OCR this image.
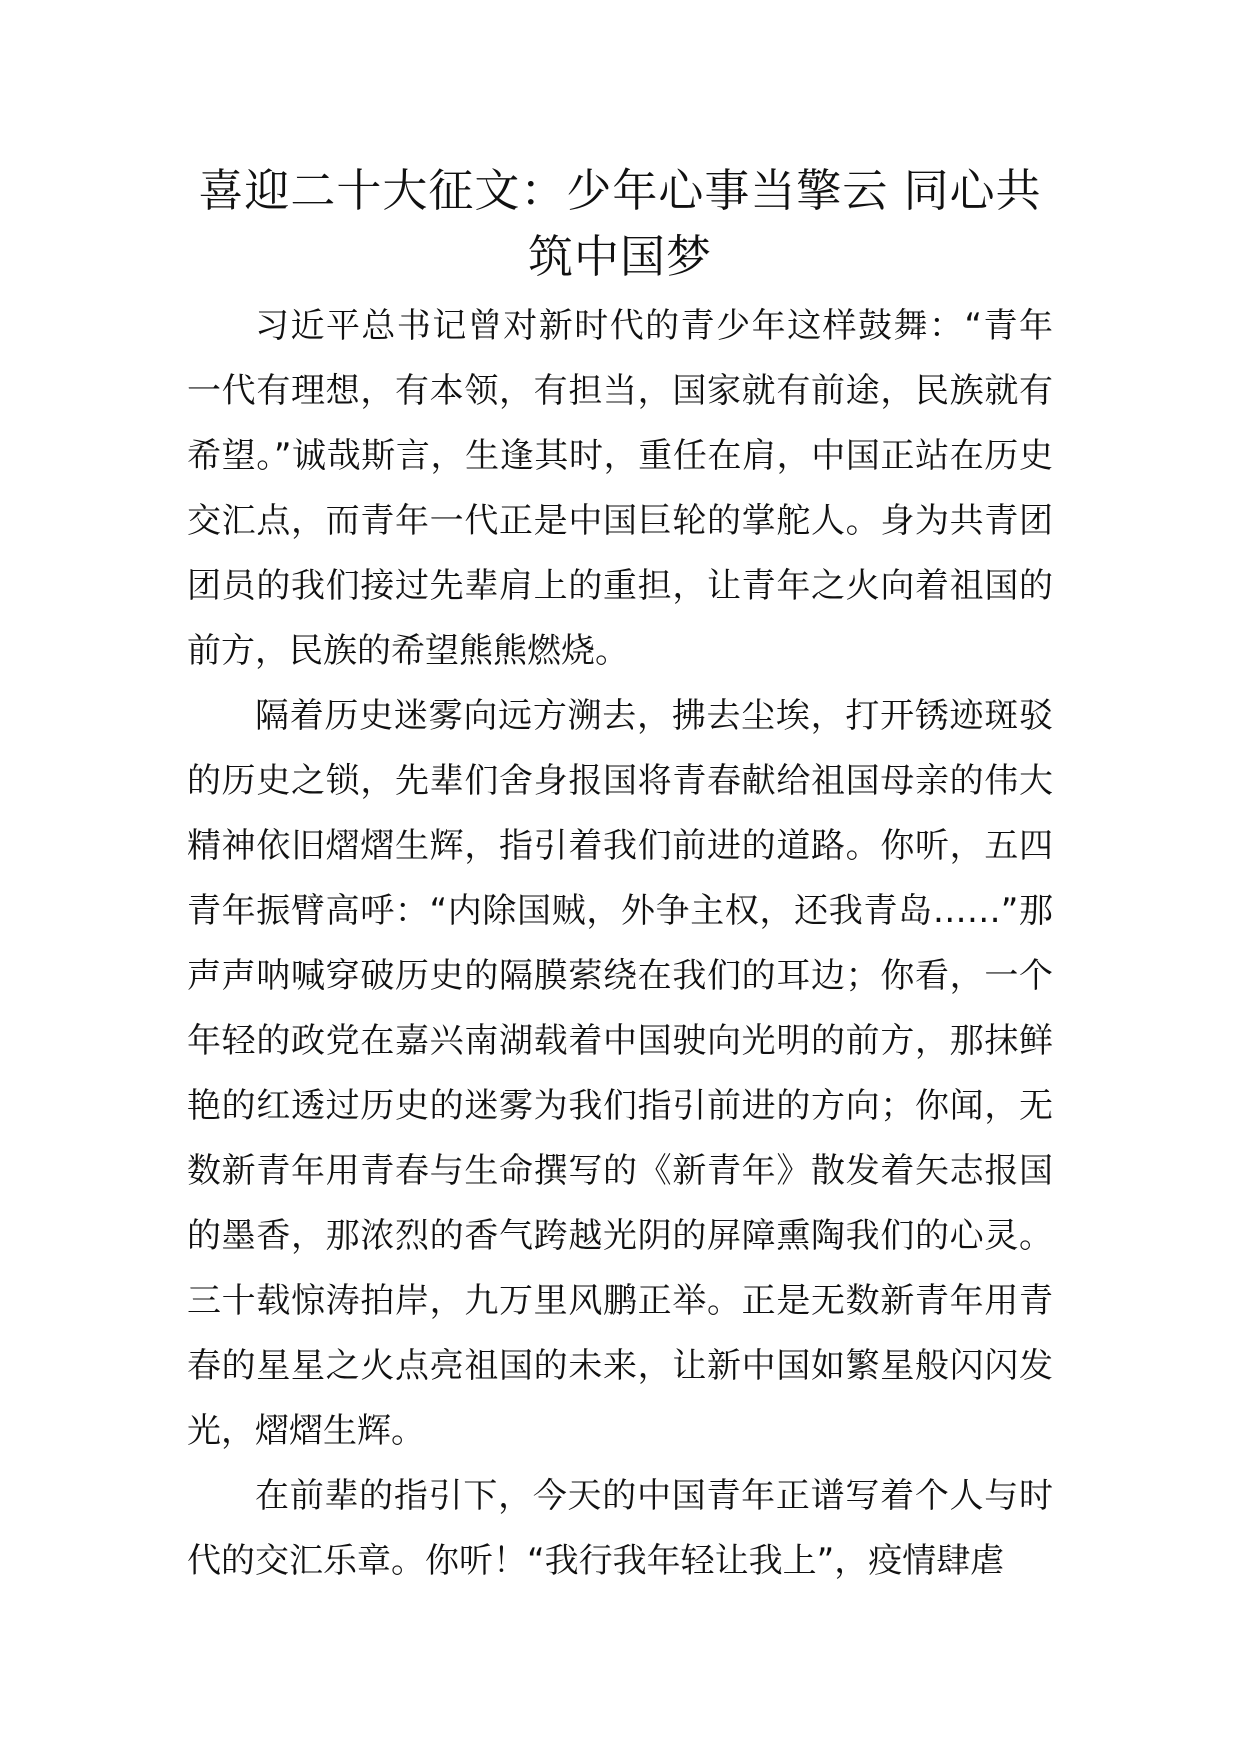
喜迎二十大征文：少年心事当擎云 同心共筑中国梦

习近平总书记曾对新时代的青少年这样鼓舞：“青年一代有理想，有本领，有担当，国家就有前途，民族就有希望。”诚哉斯言，生逢其时，重任在肩，中国正站在历史交汇点，而青年一代正是中国巨轮的掌舵人。身为共青团团员的我们接过先辈肩上的重担，让青年之火向着祖国的前方，民族的希望熊熊燃烧。

隔着历史迷雾向远方溯去，拂去尘埃，打开锈迹斑驳的历史之锁，先辈们舍身报国将青春献给祖国母亲的伟大精神依旧熠熠生辉，指引着我们前进的道路。你听，五四青年振臂高呼：“内除国贼，外争主权，还我青岛……”那声声呐喊穿破历史的隔膜萦绕在我们的耳边；你看，一个年轻的政党在嘉兴南湖载着中国驶向光明的前方，那抹鲜艳的红透过历史的迷雾为我们指引前进的方向；你闻，无数新青年用青春与生命撰写的《新青年》散发着矢志报国的墨香，那浓烈的香气跨越光阴的屏障熏陶我们的心灵。三十载惊涛拍岸，九万里风鹏正举。正是无数新青年用青春的星星之火点亮祖国的未来，让新中国如繁星般闪闪发光，熠熠生辉。

在前辈的指引下，今天的中国青年正谱写着个人与时代的交汇乐章。你听！“我行我年轻让我上”，疫情肆虐
